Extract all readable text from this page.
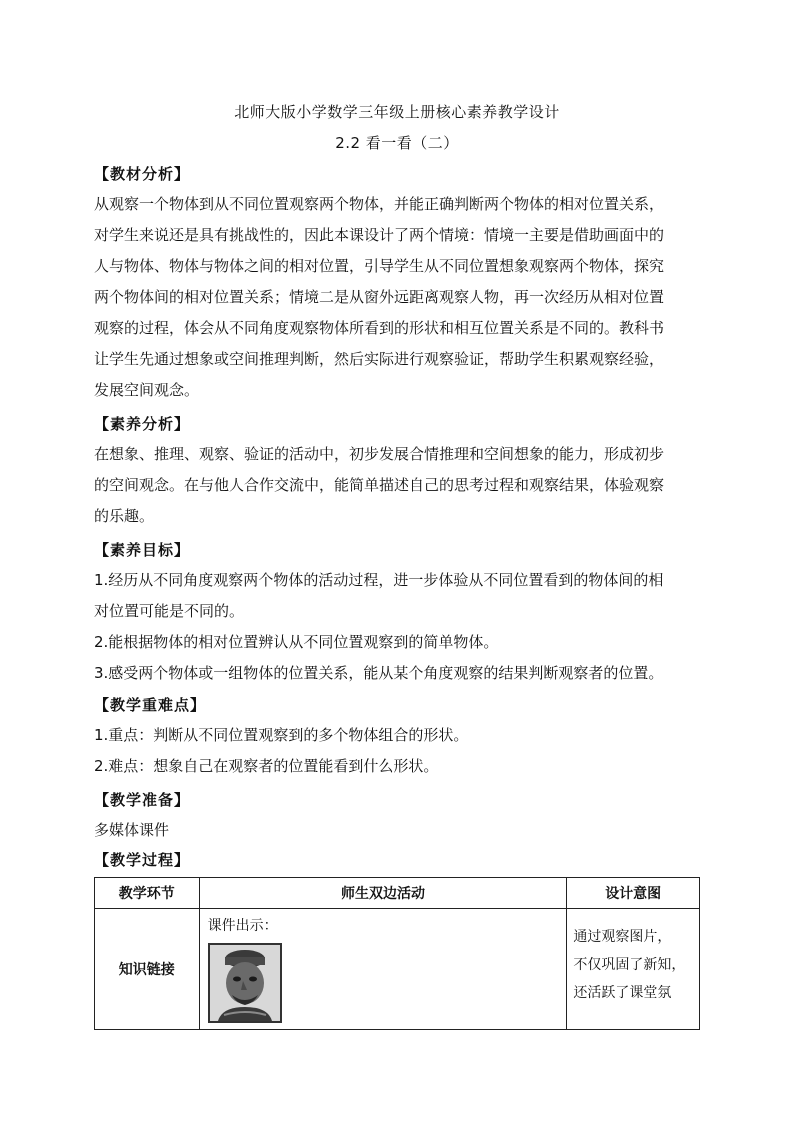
北师大版小学数学三年级上册核心素养教学设计
2.2 看一看（二）
【教材分析】
从观察一个物体到从不同位置观察两个物体，并能正确判断两个物体的相对位置关系，
对学生来说还是具有挑战性的，因此本课设计了两个情境：情境一主要是借助画面中的
人与物体、物体与物体之间的相对位置，引导学生从不同位置想象观察两个物体，探究
两个物体间的相对位置关系；情境二是从窗外远距离观察人物，再一次经历从相对位置
观察的过程，体会从不同角度观察物体所看到的形状和相互位置关系是不同的。教科书
让学生先通过想象或空间推理判断，然后实际进行观察验证，帮助学生积累观察经验，
发展空间观念。
【素养分析】
在想象、推理、观察、验证的活动中，初步发展合情推理和空间想象的能力，形成初步
的空间观念。在与他人合作交流中，能简单描述自己的思考过程和观察结果，体验观察
的乐趣。
【素养目标】
1.经历从不同角度观察两个物体的活动过程，进一步体验从不同位置看到的物体间的相
对位置可能是不同的。
2.能根据物体的相对位置辨认从不同位置观察到的简单物体。
3.感受两个物体或一组物体的位置关系，能从某个角度观察的结果判断观察者的位置。
【教学重难点】
1.重点：判断从不同位置观察到的多个物体组合的形状。
2.难点：想象自己在观察者的位置能看到什么形状。
【教学准备】
多媒体课件
【教学过程】
教学环节	师生双边活动	设计意图
知识链接	课件出示：	通过观察图片，
不仅巩固了新知，
还活跃了课堂氛
